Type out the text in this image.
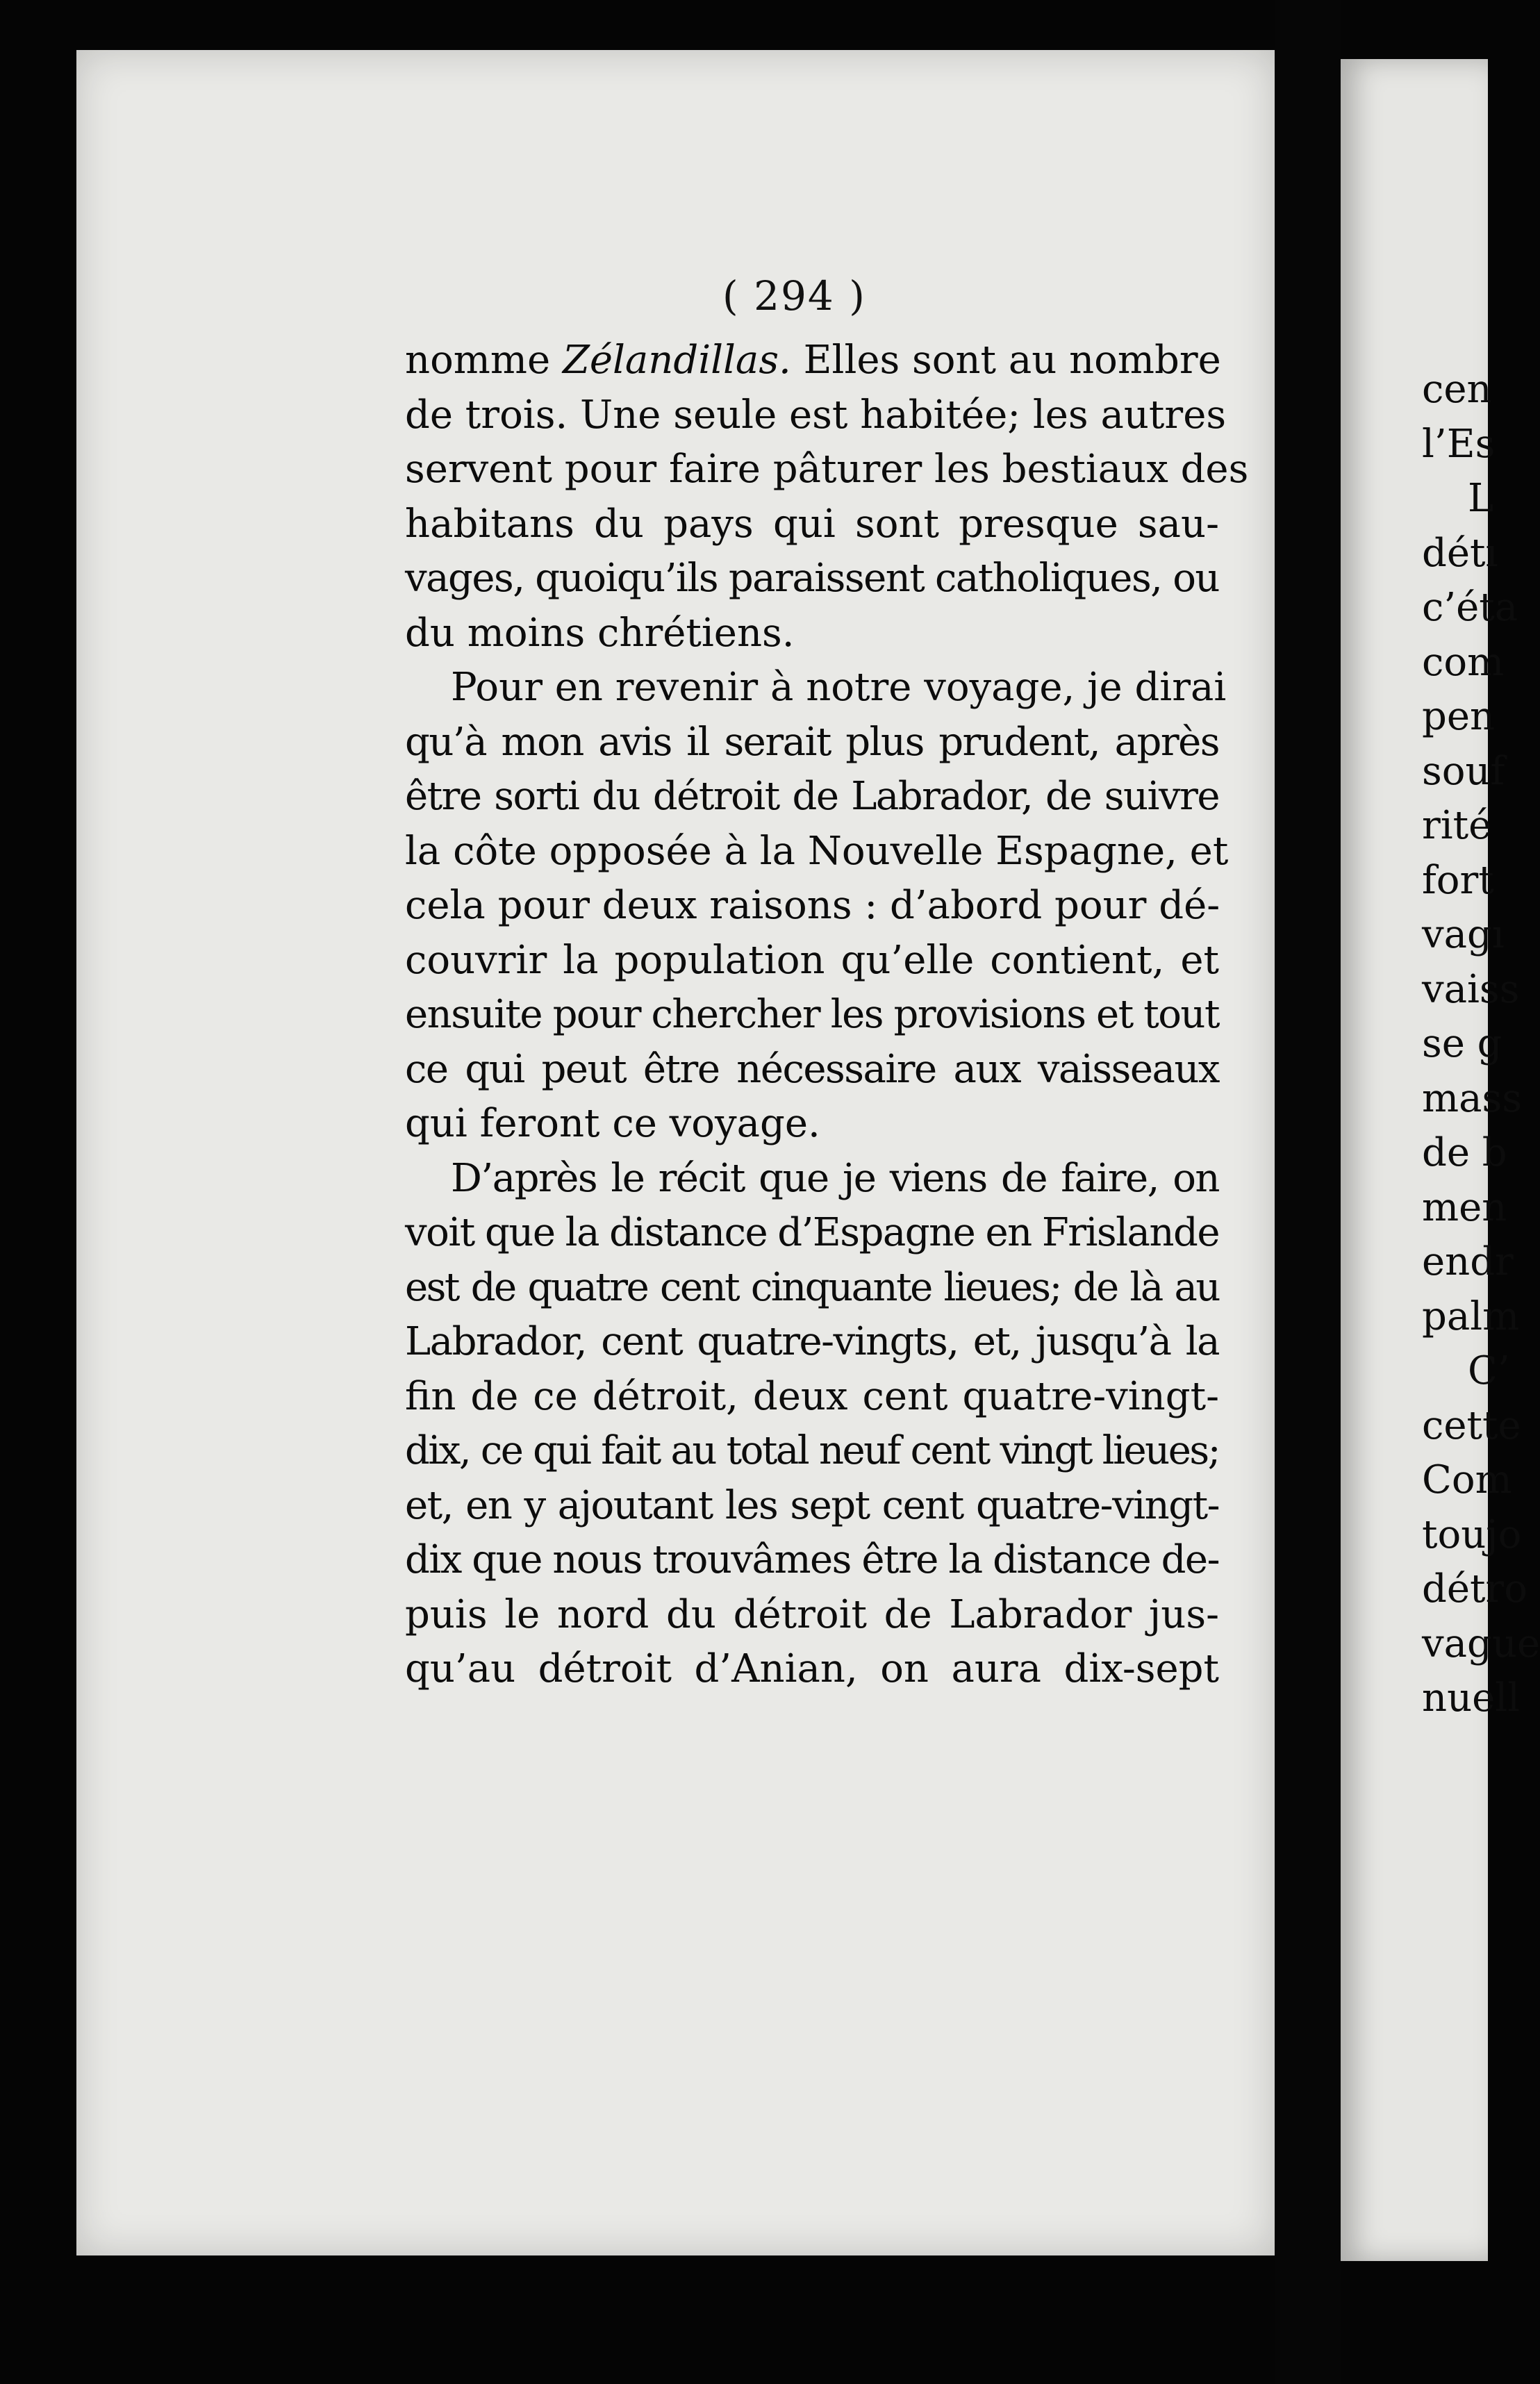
( 294 )
nomme Zélandillas. Elles sont au nombre
de trois. Une seule est habitée; les autres
servent pour faire pâturer les bestiaux des
habitans du pays qui sont presque sau-
vages, quoiqu’ils paraissent catholiques, ou
du moins chrétiens.
Pour en revenir à notre voyage, je dirai
qu’à mon avis il serait plus prudent, après
être sorti du détroit de Labrador, de suivre
la côte opposée à la Nouvelle Espagne, et
cela pour deux raisons : d’abord pour dé-
couvrir la population qu’elle contient, et
ensuite pour chercher les provisions et tout
ce qui peut être nécessaire aux vaisseaux
qui feront ce voyage.
D’après le récit que je viens de faire, on
voit que la distance d’Espagne en Frislande
est de quatre cent cinquante lieues; de là au
Labrador, cent quatre-vingts, et, jusqu’à la
fin de ce détroit, deux cent quatre-vingt-
dix, ce qui fait au total neuf cent vingt lieues;
et, en y ajoutant les sept cent quatre-vingt-
dix que nous trouvâmes être la distance de-
puis le nord du détroit de Labrador jus-
qu’au détroit d’Anian, on aura dix-sept
cen
l’Es
L
détı
c’éta
com
pen
souf
rité
fort
vagı
vaiss
se g
mass
de b
men
endr
palm
C’
cette
Com
toujo
détro
vague
nuell
